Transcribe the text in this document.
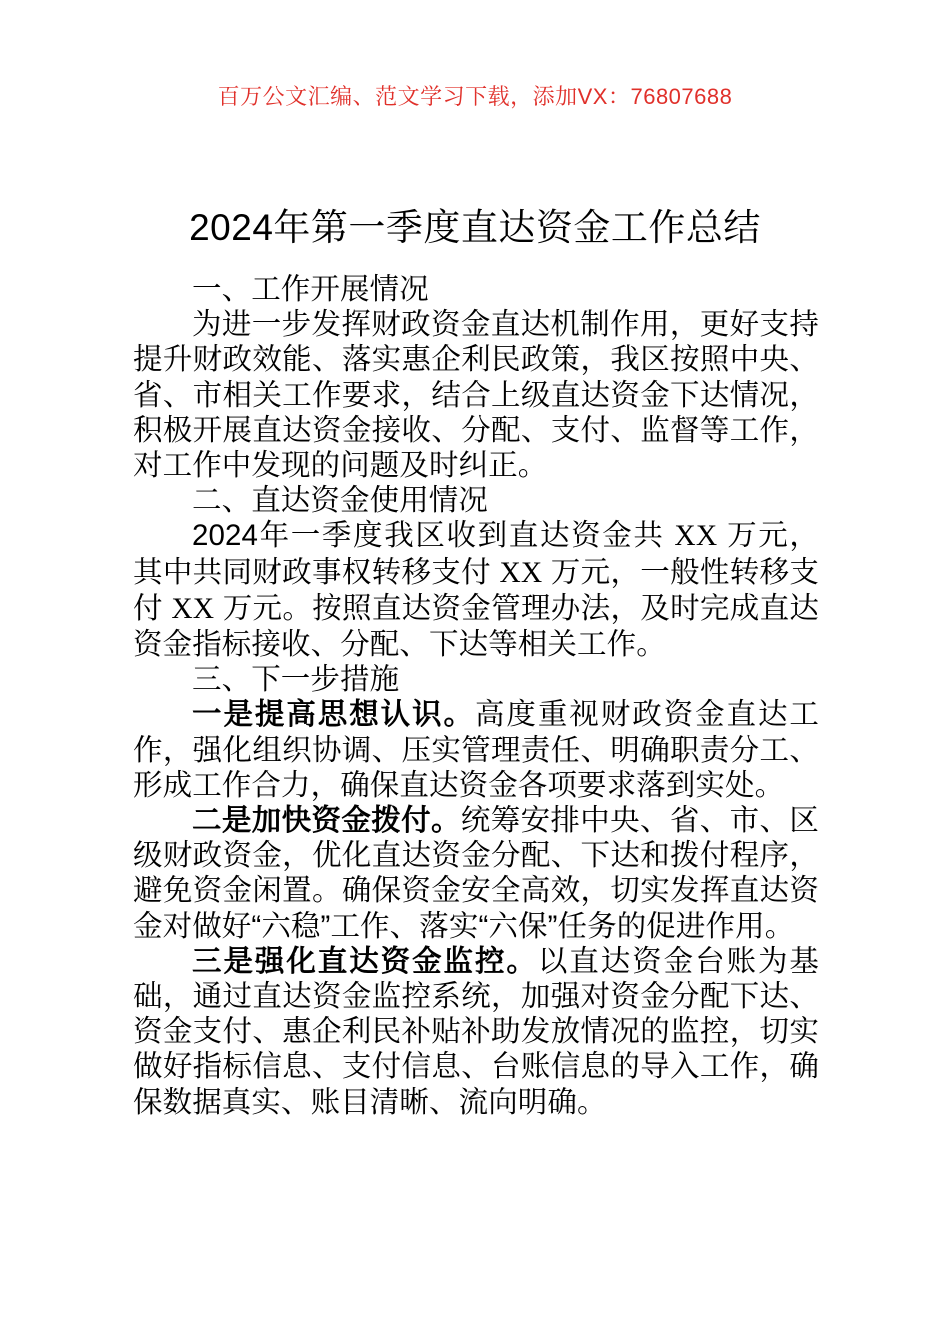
百万公文汇编、范文学习下载，添加VX：76807688
2024年第一季度直达资金工作总结

一、工作开展情况

为进一步发挥财政资金直达机制作用，更好支持提升财政效能、落实惠企利民政策，我区按照中央、省、市相关工作要求，结合上级直达资金下达情况，积极开展直达资金接收、分配、支付、监督等工作，对工作中发现的问题及时纠正。

二、直达资金使用情况

2024年一季度我区收到直达资金共 XX 万元，其中共同财政事权转移支付 XX 万元，一般性转移支付 XX 万元。按照直达资金管理办法，及时完成直达资金指标接收、分配、下达等相关工作。

三、下一步措施

一是提高思想认识。高度重视财政资金直达工作，强化组织协调、压实管理责任、明确职责分工、形成工作合力，确保直达资金各项要求落到实处。

二是加快资金拨付。统筹安排中央、省、市、区级财政资金，优化直达资金分配、下达和拨付程序，避免资金闲置。确保资金安全高效，切实发挥直达资金对做好“六稳”工作、落实“六保”任务的促进作用。

三是强化直达资金监控。以直达资金台账为基础，通过直达资金监控系统，加强对资金分配下达、资金支付、惠企利民补贴补助发放情况的监控，切实做好指标信息、支付信息、台账信息的导入工作，确保数据真实、账目清晰、流向明确。
